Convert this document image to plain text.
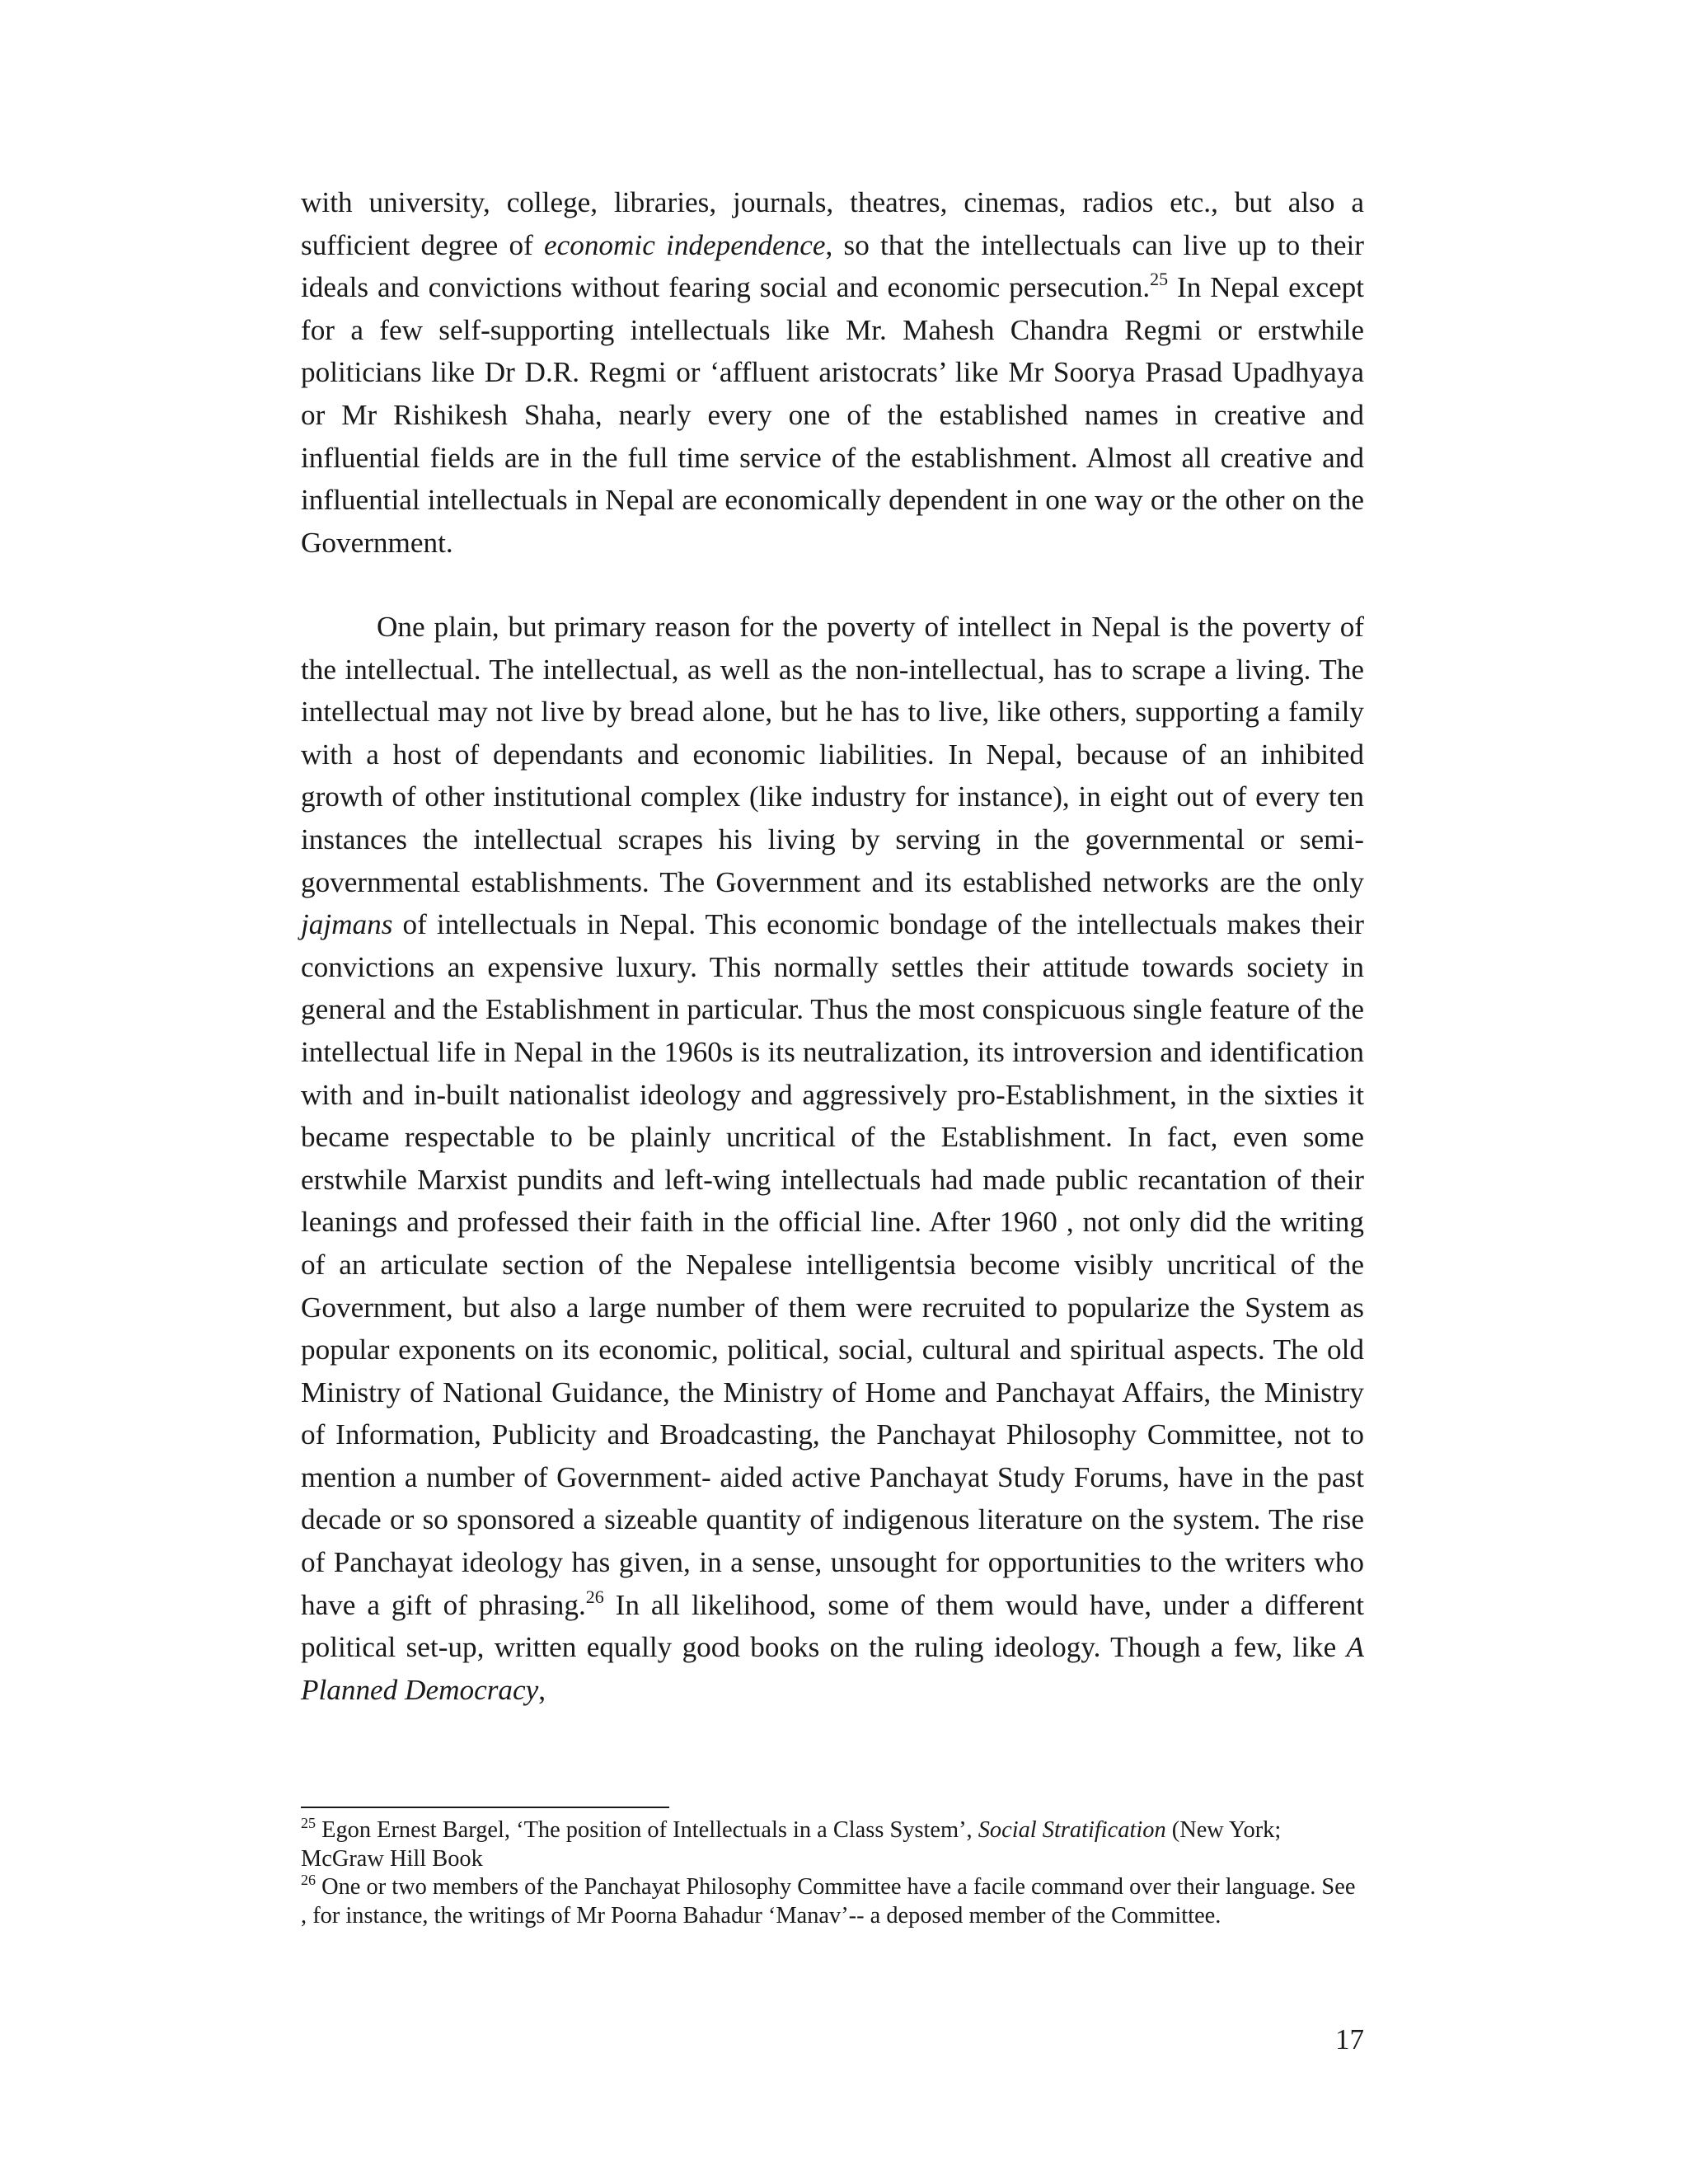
with university, college, libraries, journals, theatres, cinemas, radios etc., but also a sufficient degree of economic independence, so that the intellectuals can live up to their ideals and convictions without fearing social and economic persecution.$^{25}$ In Nepal except for a few self-supporting intellectuals like Mr. Mahesh Chandra Regmi or erstwhile politicians like Dr D.R. Regmi or ‘affluent aristocrats’ like Mr Soorya Prasad Upadhyaya or Mr Rishikesh Shaha, nearly every one of the established names in creative and influential fields are in the full time service of the establishment. Almost all creative and influential intellectuals in Nepal are economically dependent in one way or the other on the Government.

One plain, but primary reason for the poverty of intellect in Nepal is the poverty of the intellectual. The intellectual, as well as the non-intellectual, has to scrape a living. The intellectual may not live by bread alone, but he has to live, like others, supporting a family with a host of dependants and economic liabilities. In Nepal, because of an inhibited growth of other institutional complex (like industry for instance), in eight out of every ten instances the intellectual scrapes his living by serving in the governmental or semi-governmental establishments. The Government and its established networks are the only jajmans of intellectuals in Nepal. This economic bondage of the intellectuals makes their convictions an expensive luxury. This normally settles their attitude towards society in general and the Establishment in particular. Thus the most conspicuous single feature of the intellectual life in Nepal in the 1960s is its neutralization, its introversion and identification with and in-built nationalist ideology and aggressively pro-Establishment, in the sixties it became respectable to be plainly uncritical of the Establishment. In fact, even some erstwhile Marxist pundits and left-wing intellectuals had made public recantation of their leanings and professed their faith in the official line. After 1960 , not only did the writing of an articulate section of the Nepalese intelligentsia become visibly uncritical of the Government, but also a large number of them were recruited to popularize the System as popular exponents on its economic, political, social, cultural and spiritual aspects. The old Ministry of National Guidance, the Ministry of Home and Panchayat Affairs, the Ministry of Information, Publicity and Broadcasting, the Panchayat Philosophy Committee, not to mention a number of Government- aided active Panchayat Study Forums, have in the past decade or so sponsored a sizeable quantity of indigenous literature on the system. The rise of Panchayat ideology has given, in a sense, unsought for opportunities to the writers who have a gift of phrasing.$^{26}$ In all likelihood, some of them would have, under a different political set-up, written equally good books on the ruling ideology. Though a few, like A Planned Democracy,

$^{25}$ Egon Ernest Bargel, ‘The position of Intellectuals in a Class System’, Social Stratification (New York; McGraw Hill Book

$^{26}$ One or two members of the Panchayat Philosophy Committee have a facile command over their language. See , for instance, the writings of Mr Poorna Bahadur ‘Manav’-- a deposed member of the Committee.

17
